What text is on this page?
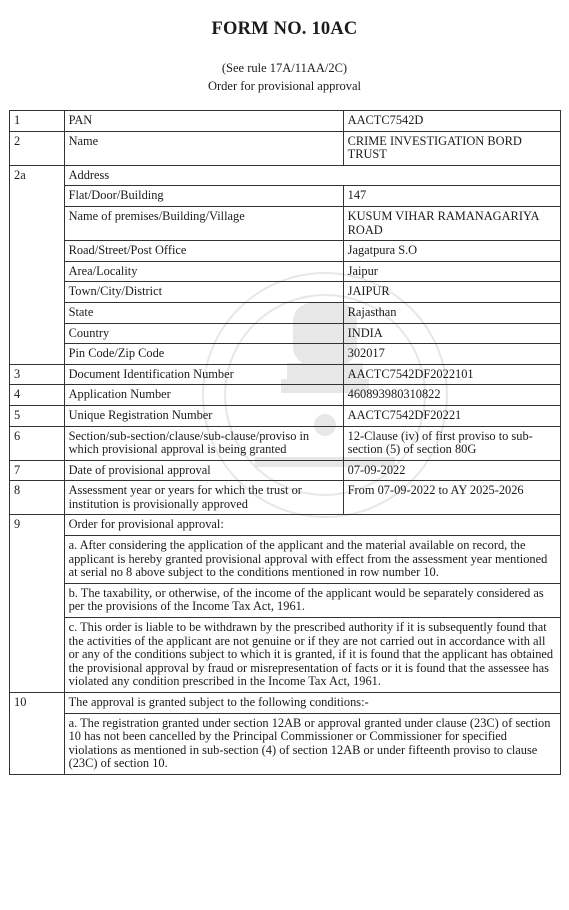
FORM NO. 10AC
(See rule 17A/11AA/2C)
Order for provisional approval
1	PAN	AACTC7542D
2	Name	CRIME INVESTIGATION BORD TRUST
2a	Address	
	Flat/Door/Building	147
	Name of premises/Building/Village	KUSUM VIHAR RAMANAGARIYA ROAD
	Road/Street/Post Office	Jagatpura S.O
	Area/Locality	Jaipur
	Town/City/District	JAIPUR
	State	Rajasthan
	Country	INDIA
	Pin Code/Zip Code	302017
3	Document Identification Number	AACTC7542DF2022101
4	Application Number	460893980310822
5	Unique Registration Number	AACTC7542DF20221
6	Section/sub-section/clause/sub-clause/proviso in which provisional approval is being granted	12-Clause (iv) of first proviso to sub-section (5) of section 80G
7	Date of provisional approval	07-09-2022
8	Assessment year or years for which the trust or institution is provisionally approved	From 07-09-2022 to AY 2025-2026
9	Order for provisional approval:	
	a. After considering the application of the applicant and the material available on record, the applicant is hereby granted provisional approval with effect from the assessment year mentioned at serial no 8 above subject to the conditions mentioned in row number 10.	
	b. The taxability, or otherwise, of the income of the applicant would be separately considered as per the provisions of the Income Tax Act, 1961.	
	c. This order is liable to be withdrawn by the prescribed authority if it is subsequently found that the activities of the applicant are not genuine or if they are not carried out in accordance with all or any of the conditions subject to which it is granted, if it is found that the applicant has obtained the provisional approval by fraud or misrepresentation of facts or it is found that the assessee has violated any condition prescribed in the Income Tax Act, 1961.	
10	The approval is granted subject to the following conditions:-	
	a. The registration granted under section 12AB or approval granted under clause (23C) of section 10 has not been cancelled by the Principal Commissioner or Commissioner for specified violations as mentioned in sub-section (4) of section 12AB or under fifteenth proviso to clause (23C) of section 10.	
